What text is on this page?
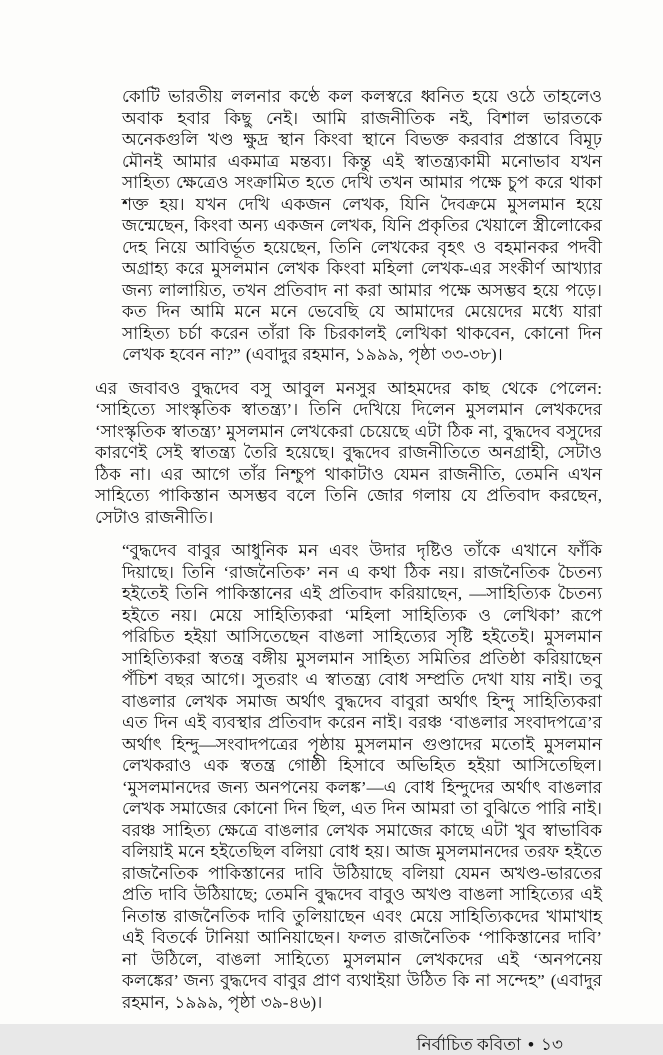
কোটি ভারতীয় ললনার কণ্ঠে কল কলস্বরে ধ্বনিত হয়ে ওঠে তাহলেও অবাক হবার কিছু নেই। আমি রাজনীতিক নই, বিশাল ভারতকে অনেকগুলি খণ্ড ক্ষুদ্র স্থান কিংবা স্থানে বিভক্ত করবার প্রস্তাবে বিমূঢ় মৌনই আমার একমাত্র মন্তব্য। কিন্তু এই স্বাতন্ত্র্যকামী মনোভাব যখন সাহিত্য ক্ষেত্রেও সংক্রামিত হতে দেখি তখন আমার পক্ষে চুপ করে থাকা শক্ত হয়। যখন দেখি একজন লেখক, যিনি দৈবক্রমে মুসলমান হয়ে জন্মেছেন, কিংবা অন্য একজন লেখক, যিনি প্রকৃতির খেয়ালে স্ত্রীলোকের দেহ নিয়ে আবির্ভূত হয়েছেন, তিনি লেখকের বৃহৎ ও বহমানকর পদবী অগ্রাহ্য করে মুসলমান লেখক কিংবা মহিলা লেখক-এর সংকীর্ণ আখ্যার জন্য লালায়িত, তখন প্রতিবাদ না করা আমার পক্ষে অসম্ভব হয়ে পড়ে। কত দিন আমি মনে মনে ভেবেছি যে আমাদের মেয়েদের মধ্যে যারা সাহিত্য চর্চা করেন তাঁরা কি চিরকালই লেখিকা থাকবেন, কোনো দিন লেখক হবেন না?” (এবাদুর রহমান, ১৯৯৯, পৃষ্ঠা ৩৩-৩৮)।

এর জবাবও বুদ্ধদেব বসু আবুল মনসুর আহমদের কাছ থেকে পেলেন: ‘সাহিত্যে সাংস্কৃতিক স্বাতন্ত্র্য’। তিনি দেখিয়ে দিলেন মুসলমান লেখকদের ‘সাংস্কৃতিক স্বাতন্ত্র্য’ মুসলমান লেখকেরা চেয়েছে এটা ঠিক না, বুদ্ধদেব বসুদের কারণেই সেই স্বাতন্ত্র্য তৈরি হয়েছে। বুদ্ধদেব রাজনীতিতে অনগ্রাহী, সেটাও ঠিক না। এর আগে তাঁর নিশ্চুপ থাকাটাও যেমন রাজনীতি, তেমনি এখন সাহিত্যে পাকিস্তান অসম্ভব বলে তিনি জোর গলায় যে প্রতিবাদ করছেন, সেটাও রাজনীতি।

“বুদ্ধদেব বাবুর আধুনিক মন এবং উদার দৃষ্টিও তাঁকে এখানে ফাঁকি দিয়াছে। তিনি ‘রাজনৈতিক’ নন এ কথা ঠিক নয়। রাজনৈতিক চৈতন্য হইতেই তিনি পাকিস্তানের এই প্রতিবাদ করিয়াছেন, —সাহিত্যিক চৈতন্য হইতে নয়। মেয়ে সাহিত্যিকরা ‘মহিলা সাহিত্যিক ও লেখিকা’ রূপে পরিচিত হইয়া আসিতেছেন বাঙলা সাহিত্যের সৃষ্টি হইতেই। মুসলমান সাহিত্যিকরা স্বতন্ত্র বঙ্গীয় মুসলমান সাহিত্য সমিতির প্রতিষ্ঠা করিয়াছেন পঁচিশ বছর আগে। সুতরাং এ স্বাতন্ত্র্য বোধ সম্প্রতি দেখা যায় নাই। তবু বাঙলার লেখক সমাজ অর্থাৎ বুদ্ধদেব বাবুরা অর্থাৎ হিন্দু সাহিত্যিকরা এত দিন এই ব্যবস্থার প্রতিবাদ করেন নাই। বরঞ্চ ‘বাঙলার সংবাদপত্রে’র অর্থাৎ হিন্দু—সংবাদপত্রের পৃষ্ঠায় মুসলমান গুণ্ডাদের মতোই মুসলমান লেখকরাও এক স্বতন্ত্র গোষ্ঠী হিসাবে অভিহিত হইয়া আসিতেছিল। ‘মুসলমানদের জন্য অনপনেয় কলঙ্ক’—এ বোধ হিন্দুদের অর্থাৎ বাঙলার লেখক সমাজের কোনো দিন ছিল, এত দিন আমরা তা বুঝিতে পারি নাই। বরঞ্চ সাহিত্য ক্ষেত্রে বাঙলার লেখক সমাজের কাছে এটা খুব স্বাভাবিক বলিয়াই মনে হইতেছিল বলিয়া বোধ হয়। আজ মুসলমানদের তরফ হইতে রাজনৈতিক পাকিস্তানের দাবি উঠিয়াছে বলিয়া যেমন অখণ্ড-ভারতের প্রতি দাবি উঠিয়াছে; তেমনি বুদ্ধদেব বাবুও অখণ্ড বাঙলা সাহিত্যের এই নিতান্ত রাজনৈতিক দাবি তুলিয়াছেন এবং মেয়ে সাহিত্যিকদের খামাখাহ এই বিতর্কে টানিয়া আনিয়াছেন। ফলত রাজনৈতিক ‘পাকিস্তানের দাবি’ না উঠিলে, বাঙলা সাহিত্যে মুসলমান লেখকদের এই ‘অনপনেয় কলঙ্কের’ জন্য বুদ্ধদেব বাবুর প্রাণ ব্যথাইয়া উঠিত কি না সন্দেহ” (এবাদুর রহমান, ১৯৯৯, পৃষ্ঠা ৩৯-৪৬)।

নির্বাচিত কবিতা • ১৩
